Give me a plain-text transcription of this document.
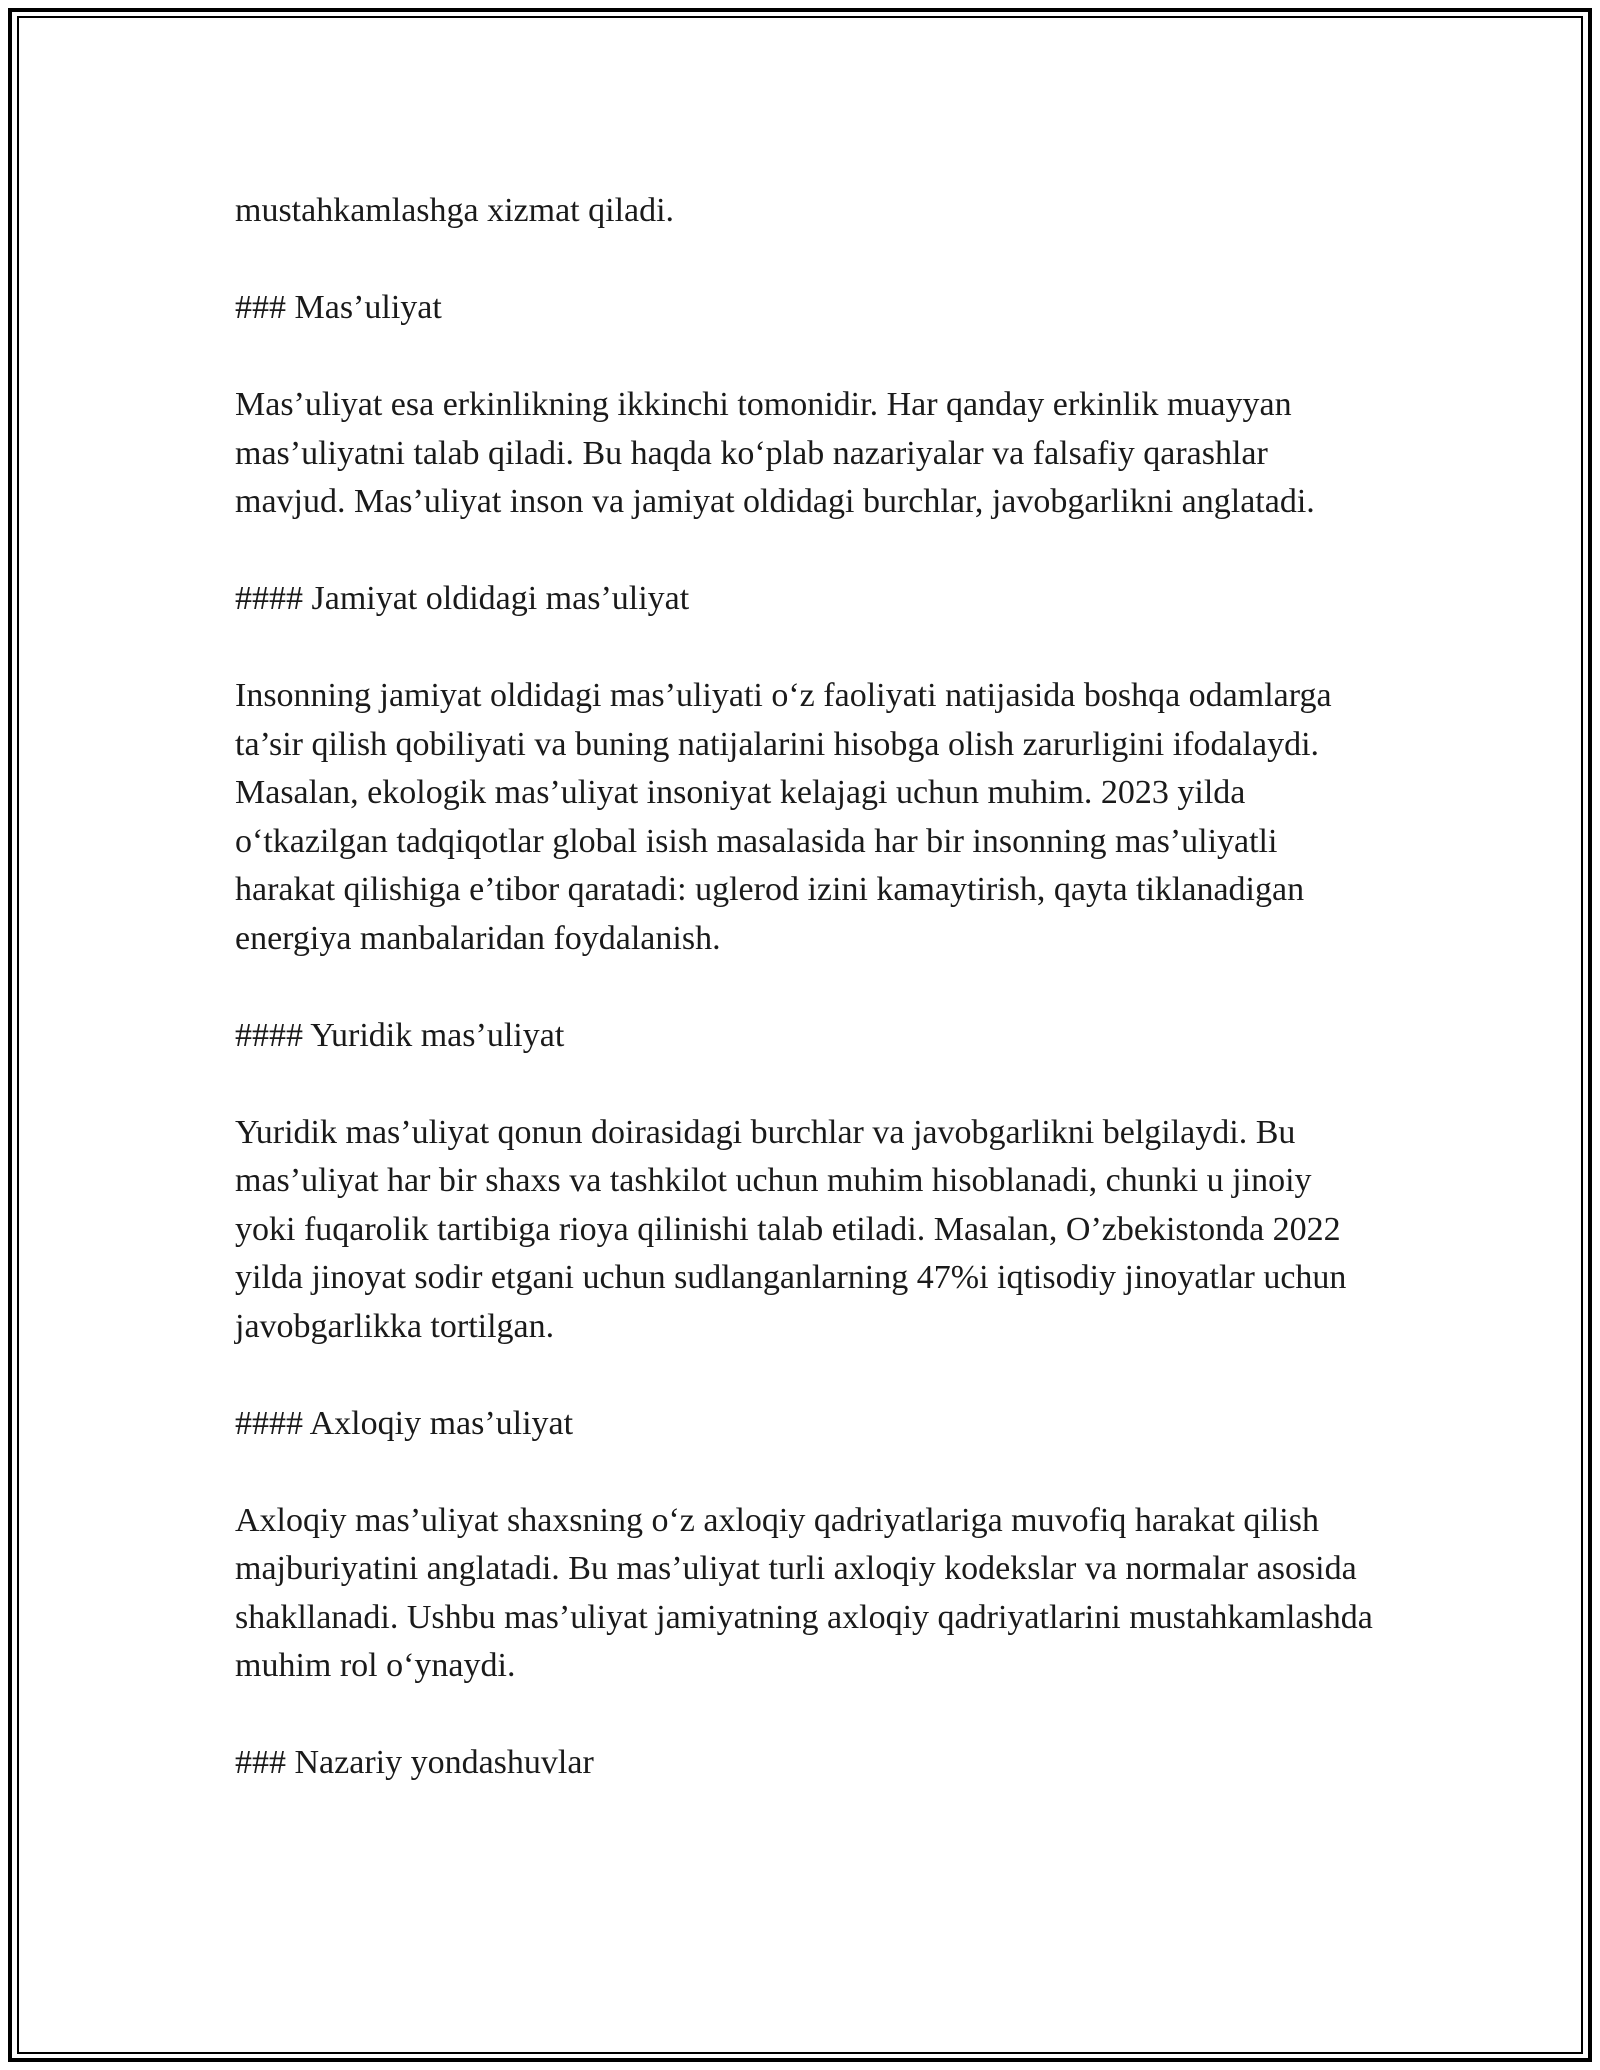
mustahkamlashga xizmat qiladi.

### Mas’uliyat

Mas’uliyat esa erkinlikning ikkinchi tomonidir. Har qanday erkinlik muayyan mas’uliyatni talab qiladi. Bu haqda ko‘plab nazariyalar va falsafiy qarashlar mavjud. Mas’uliyat inson va jamiyat oldidagi burchlar, javobgarlikni anglatadi.

#### Jamiyat oldidagi mas’uliyat

Insonning jamiyat oldidagi mas’uliyati o‘z faoliyati natijasida boshqa odamlarga ta’sir qilish qobiliyati va buning natijalarini hisobga olish zarurligini ifodalaydi. Masalan, ekologik mas’uliyat insoniyat kelajagi uchun muhim. 2023 yilda o‘tkazilgan tadqiqotlar global isish masalasida har bir insonning mas’uliyatli harakat qilishiga e’tibor qaratadi: uglerod izini kamaytirish, qayta tiklanadigan energiya manbalaridan foydalanish.

#### Yuridik mas’uliyat

Yuridik mas’uliyat qonun doirasidagi burchlar va javobgarlikni belgilaydi. Bu mas’uliyat har bir shaxs va tashkilot uchun muhim hisoblanadi, chunki u jinoiy yoki fuqarolik tartibiga rioya qilinishi talab etiladi. Masalan, O’zbekistonda 2022 yilda jinoyat sodir etgani uchun sudlanganlarning 47%i iqtisodiy jinoyatlar uchun javobgarlikka tortilgan.

#### Axloqiy mas’uliyat

Axloqiy mas’uliyat shaxsning o‘z axloqiy qadriyatlariga muvofiq harakat qilish majburiyatini anglatadi. Bu mas’uliyat turli axloqiy kodekslar va normalar asosida shakllanadi. Ushbu mas’uliyat jamiyatning axloqiy qadriyatlarini mustahkamlashda muhim rol o‘ynaydi.

### Nazariy yondashuvlar
